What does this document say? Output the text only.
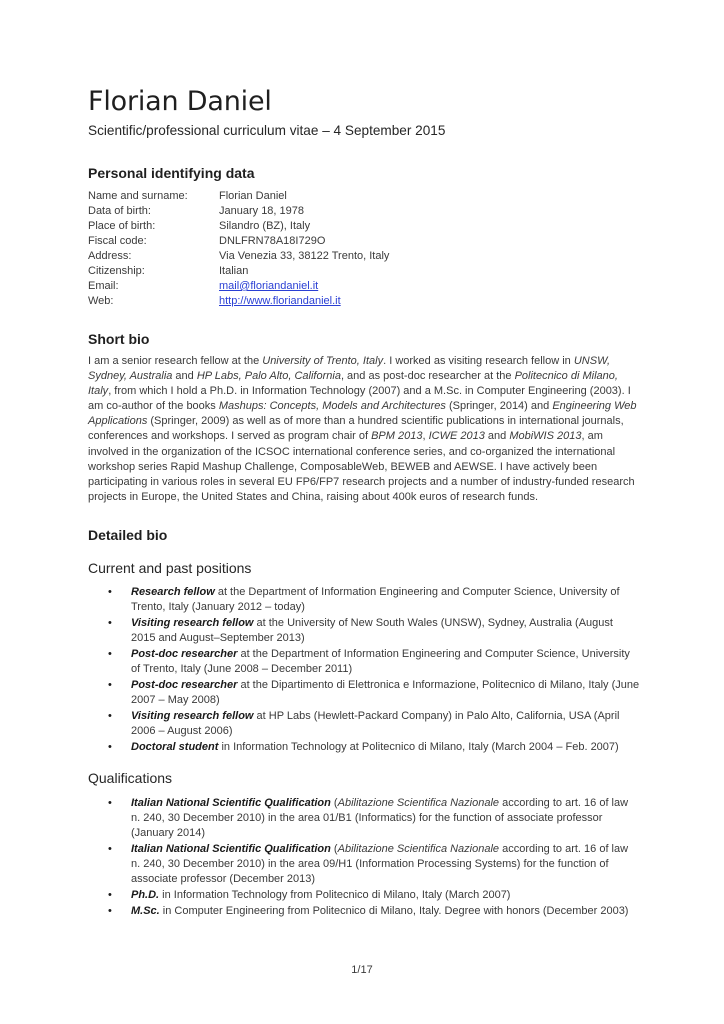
Florian Daniel
Scientific/professional curriculum vitae – 4 September 2015
Personal identifying data
Name and surname:	Florian Daniel
Data of birth:	January 18, 1978
Place of birth:	Silandro (BZ), Italy
Fiscal code:	DNLFRN78A18I729O
Address:	Via Venezia 33, 38122 Trento, Italy
Citizenship:	Italian
Email:	mail@floriandaniel.it
Web:	http://www.floriandaniel.it
Short bio

I am a senior research fellow at the University of Trento, Italy. I worked as visiting research fellow in UNSW, Sydney, Australia and HP Labs, Palo Alto, California, and as post-doc researcher at the Politecnico di Milano, Italy, from which I hold a Ph.D. in Information Technology (2007) and a M.Sc. in Computer Engineering (2003). I am co-author of the books Mashups: Concepts, Models and Architectures (Springer, 2014) and Engineering Web Applications (Springer, 2009) as well as of more than a hundred scientific publications in international journals, conferences and workshops. I served as program chair of BPM 2013, ICWE 2013 and MobiWIS 2013, am involved in the organization of the ICSOC international conference series, and co-organized the international workshop series Rapid Mashup Challenge, ComposableWeb, BEWEB and AEWSE. I have actively been participating in various roles in several EU FP6/FP7 research projects and a number of industry-funded research projects in Europe, the United States and China, raising about 400k euros of research funds.

Detailed bio
Current and past positions
• Research fellow at the Department of Information Engineering and Computer Science, University of Trento, Italy (January 2012 – today)
• Visiting research fellow at the University of New South Wales (UNSW), Sydney, Australia (August 2015 and August–September 2013)
• Post-doc researcher at the Department of Information Engineering and Computer Science, University of Trento, Italy (June 2008 – December 2011)
• Post-doc researcher at the Dipartimento di Elettronica e Informazione, Politecnico di Milano, Italy (June 2007 – May 2008)
• Visiting research fellow at HP Labs (Hewlett-Packard Company) in Palo Alto, California, USA (April 2006 – August 2006)
• Doctoral student in Information Technology at Politecnico di Milano, Italy (March 2004 – Feb. 2007)
Qualifications
• Italian National Scientific Qualification (Abilitazione Scientifica Nazionale according to art. 16 of law n. 240, 30 December 2010) in the area 01/B1 (Informatics) for the function of associate professor (January 2014)
• Italian National Scientific Qualification (Abilitazione Scientifica Nazionale according to art. 16 of law n. 240, 30 December 2010) in the area 09/H1 (Information Processing Systems) for the function of associate professor (December 2013)
• Ph.D. in Information Technology from Politecnico di Milano, Italy (March 2007)
• M.Sc. in Computer Engineering from Politecnico di Milano, Italy. Degree with honors (December 2003)
1/17
